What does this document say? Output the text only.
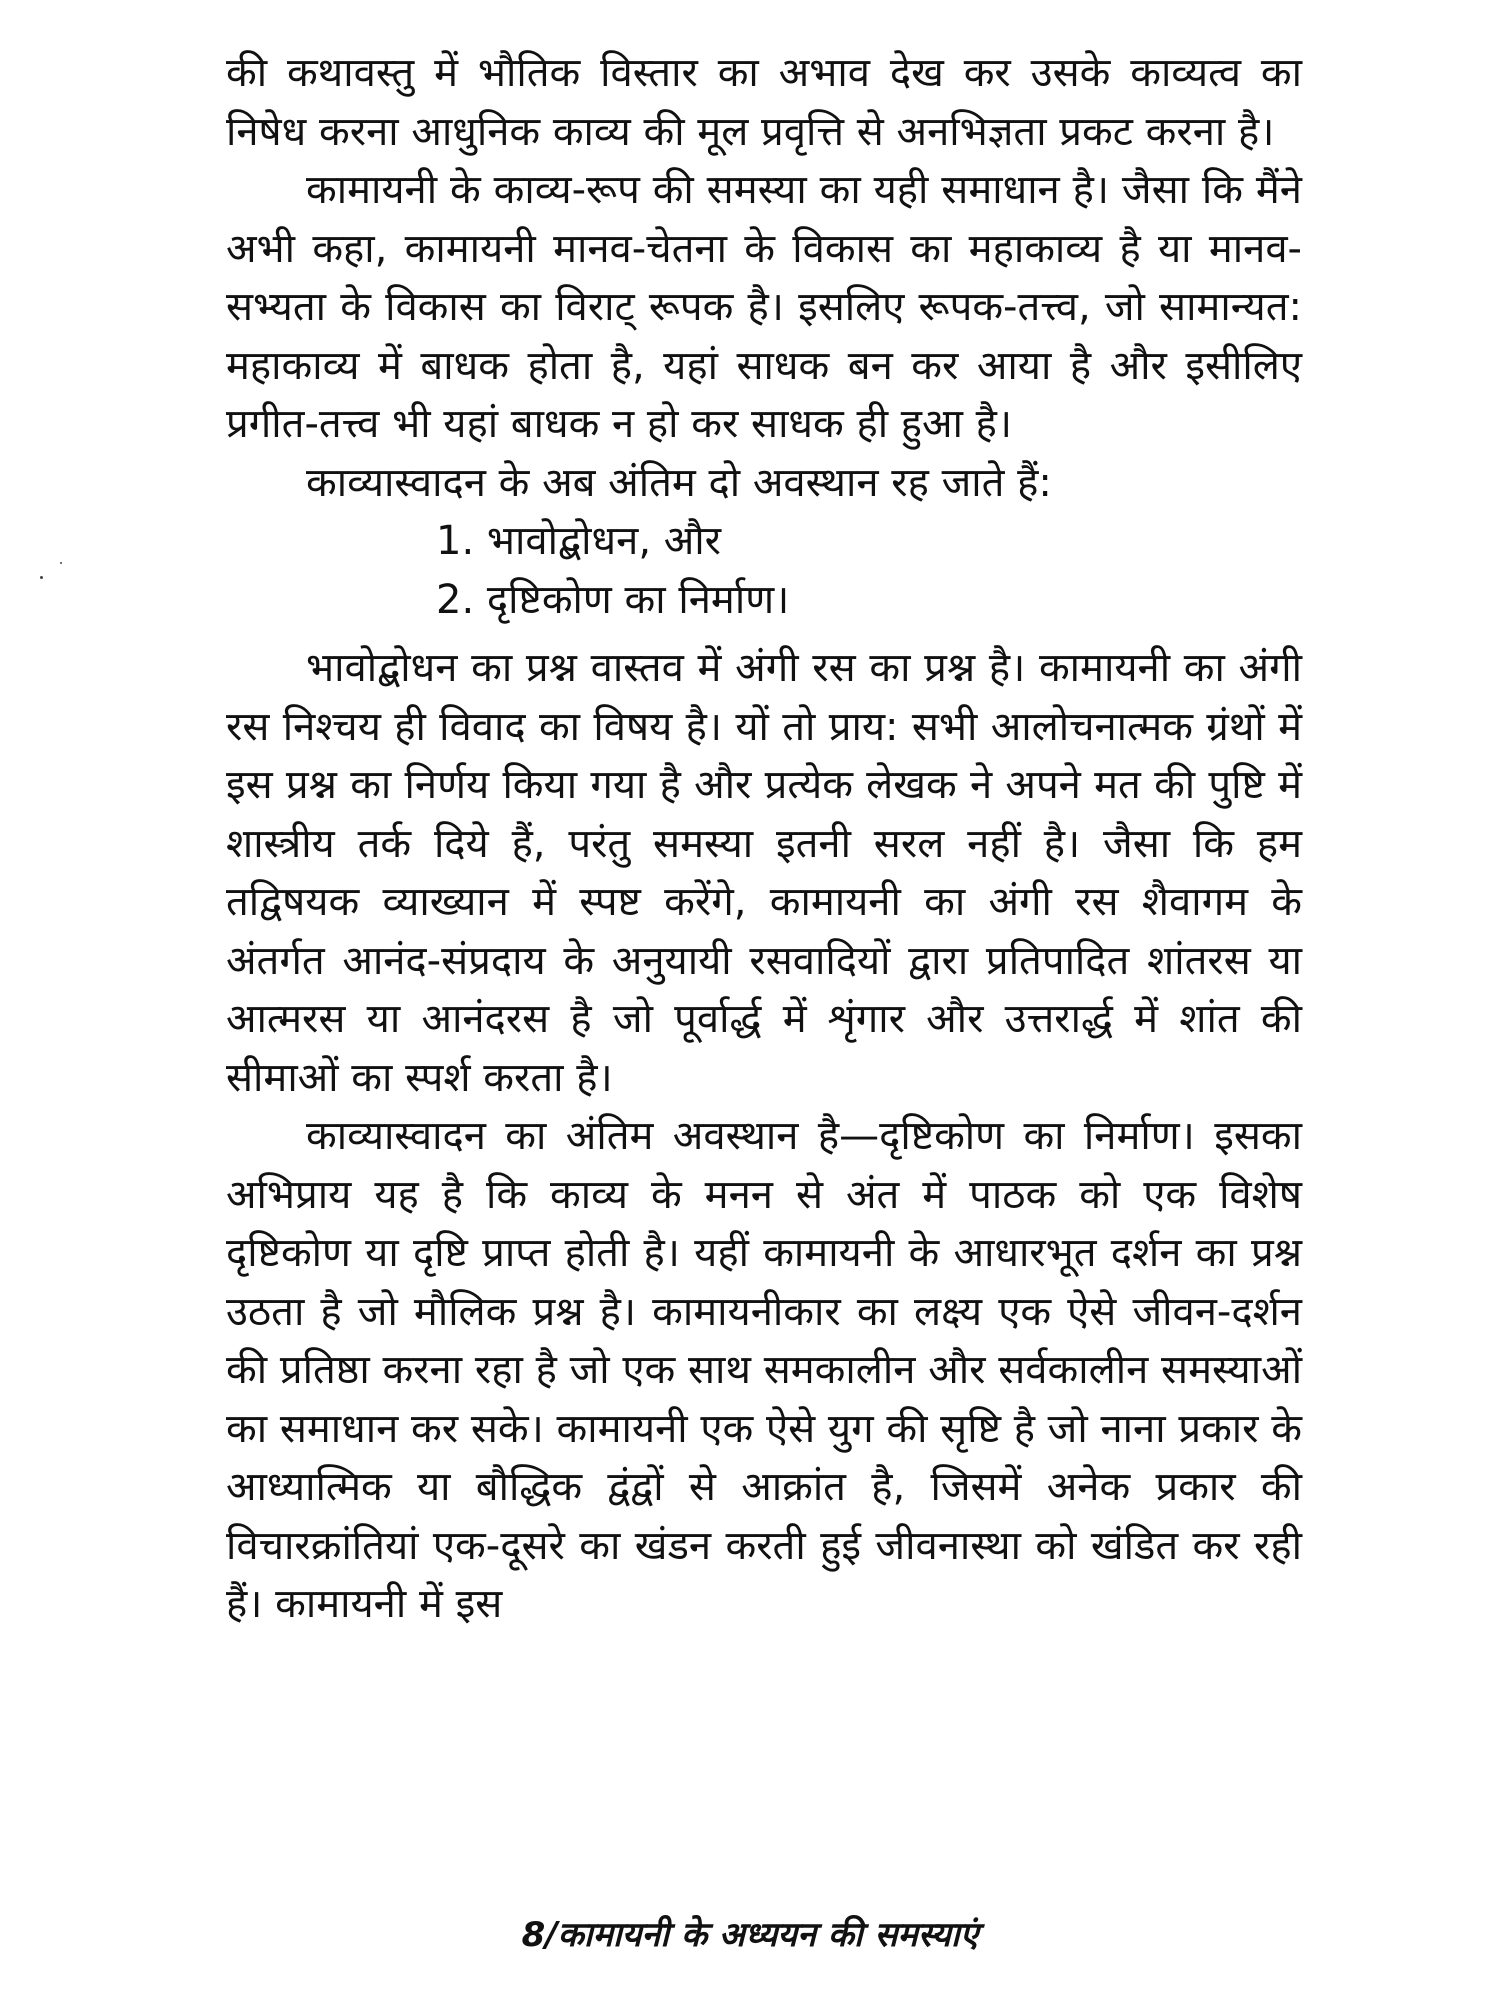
की कथावस्तु में भौतिक विस्तार का अभाव देख कर उसके काव्यत्व का निषेध करना आधुनिक काव्य की मूल प्रवृत्ति से अनभिज्ञता प्रकट करना है।

कामायनी के काव्य-रूप की समस्या का यही समाधान है। जैसा कि मैंने अभी कहा, कामायनी मानव-चेतना के विकास का महाकाव्य है या मानव-सभ्यता के विकास का विराट् रूपक है। इसलिए रूपक-तत्त्व, जो सामान्यत: महाकाव्य में बाधक होता है, यहां साधक बन कर आया है और इसीलिए प्रगीत-तत्त्व भी यहां बाधक न हो कर साधक ही हुआ है।

काव्यास्वादन के अब अंतिम दो अवस्थान रह जाते हैं:

1. भावोद्बोधन, और
2. दृष्टिकोण का निर्माण।

भावोद्बोधन का प्रश्न वास्तव में अंगी रस का प्रश्न है। कामायनी का अंगी रस निश्चय ही विवाद का विषय है। यों तो प्राय: सभी आलोचनात्मक ग्रंथों में इस प्रश्न का निर्णय किया गया है और प्रत्येक लेखक ने अपने मत की पुष्टि में शास्त्रीय तर्क दिये हैं, परंतु समस्या इतनी सरल नहीं है। जैसा कि हम तद्विषयक व्याख्यान में स्पष्ट करेंगे, कामायनी का अंगी रस शैवागम के अंतर्गत आनंद-संप्रदाय के अनुयायी रसवादियों द्वारा प्रतिपादित शांतरस या आत्मरस या आनंदरस है जो पूर्वार्द्ध में शृंगार और उत्तरार्द्ध में शांत की सीमाओं का स्पर्श करता है।

काव्यास्वादन का अंतिम अवस्थान है—दृष्टिकोण का निर्माण। इसका अभिप्राय यह है कि काव्य के मनन से अंत में पाठक को एक विशेष दृष्टिकोण या दृष्टि प्राप्त होती है। यहीं कामायनी के आधारभूत दर्शन का प्रश्न उठता है जो मौलिक प्रश्न है। कामायनीकार का लक्ष्य एक ऐसे जीवन-दर्शन की प्रतिष्ठा करना रहा है जो एक साथ समकालीन और सर्वकालीन समस्याओं का समाधान कर सके। कामायनी एक ऐसे युग की सृष्टि है जो नाना प्रकार के आध्यात्मिक या बौद्धिक द्वंद्वों से आक्रांत है, जिसमें अनेक प्रकार की विचारक्रांतियां एक-दूसरे का खंडन करती हुई जीवनास्था को खंडित कर रही हैं। कामायनी में इस

8/कामायनी के अध्ययन की समस्याएं
